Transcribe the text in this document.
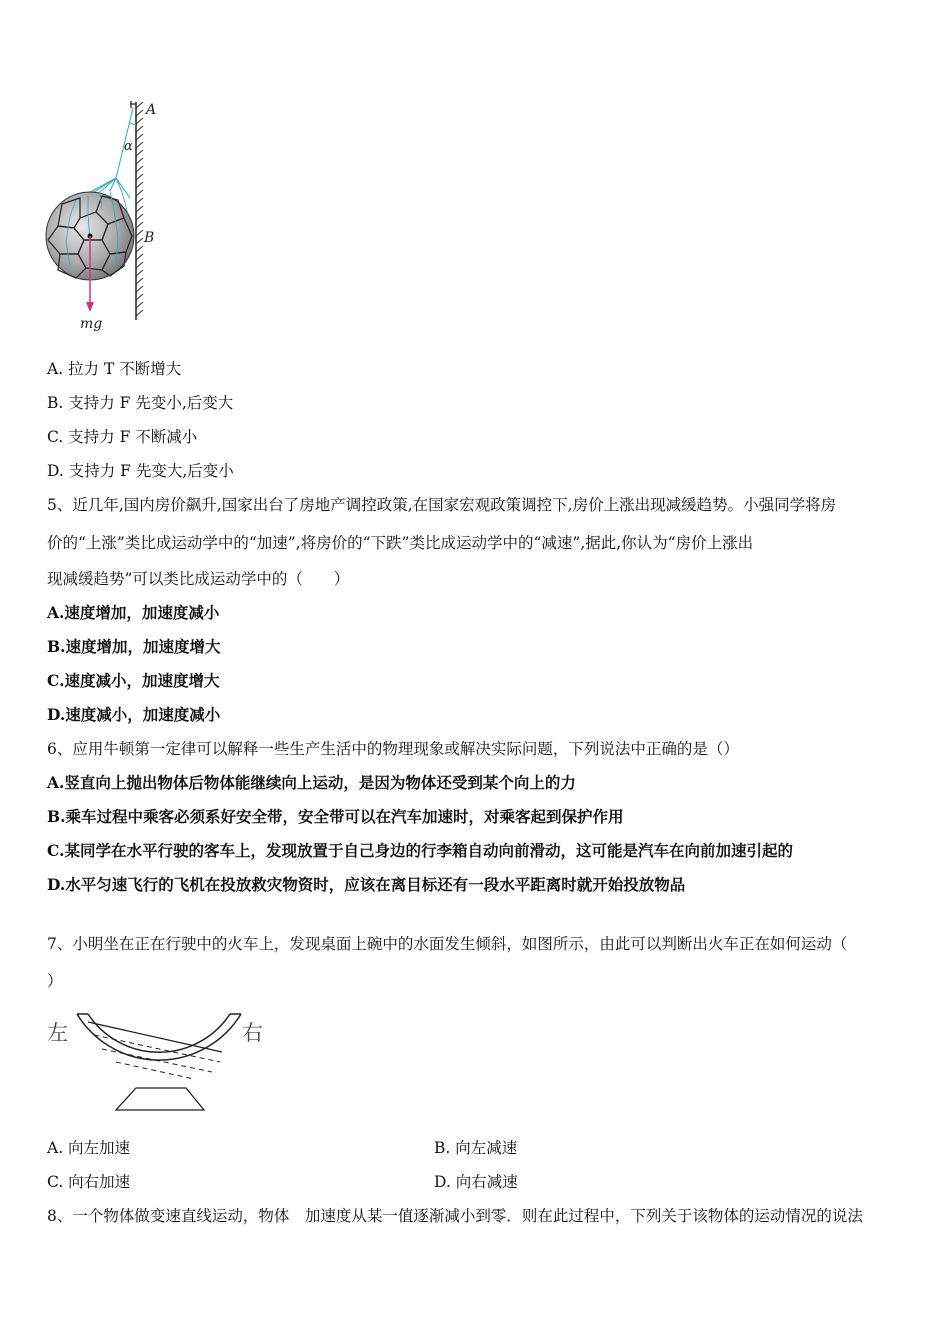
A
B
α
mg
A. 拉力 T 不断增大
B. 支持力 F 先变小,后变大
C. 支持力 F 不断减小
D. 支持力 F 先变大,后变小
5、近几年,国内房价飙升,国家出台了房地产调控政策,在国家宏观政策调控下,房价上涨出现减缓趋势。小强同学将房
价的“上涨”类比成运动学中的“加速”,将房价的“下跌”类比成运动学中的“减速”,据此,你认为“房价上涨出
现减缓趋势”可以类比成运动学中的（　　）
A.速度增加，加速度减小
B.速度增加，加速度增大
C.速度减小，加速度增大
D.速度减小，加速度减小
6、应用牛顿第一定律可以解释一些生产生活中的物理现象或解决实际问题，下列说法中正确的是（）
A.竖直向上抛出物体后物体能继续向上运动，是因为物体还受到某个向上的力
B.乘车过程中乘客必须系好安全带，安全带可以在汽车加速时，对乘客起到保护作用
C.某同学在水平行驶的客车上，发现放置于自己身边的行李箱自动向前滑动，这可能是汽车在向前加速引起的
D.水平匀速飞行的飞机在投放救灾物资时，应该在离目标还有一段水平距离时就开始投放物品
7、小明坐在正在行驶中的火车上，发现桌面上碗中的水面发生倾斜，如图所示，由此可以判断出火车正在如何运动（
）
左	右
A. 向左加速	B. 向左减速
C. 向右加速	D. 向右减速
8、一个物体做变速直线运动，物体　加速度从某一值逐渐减小到零．则在此过程中，下列关于该物体的运动情况的说法
